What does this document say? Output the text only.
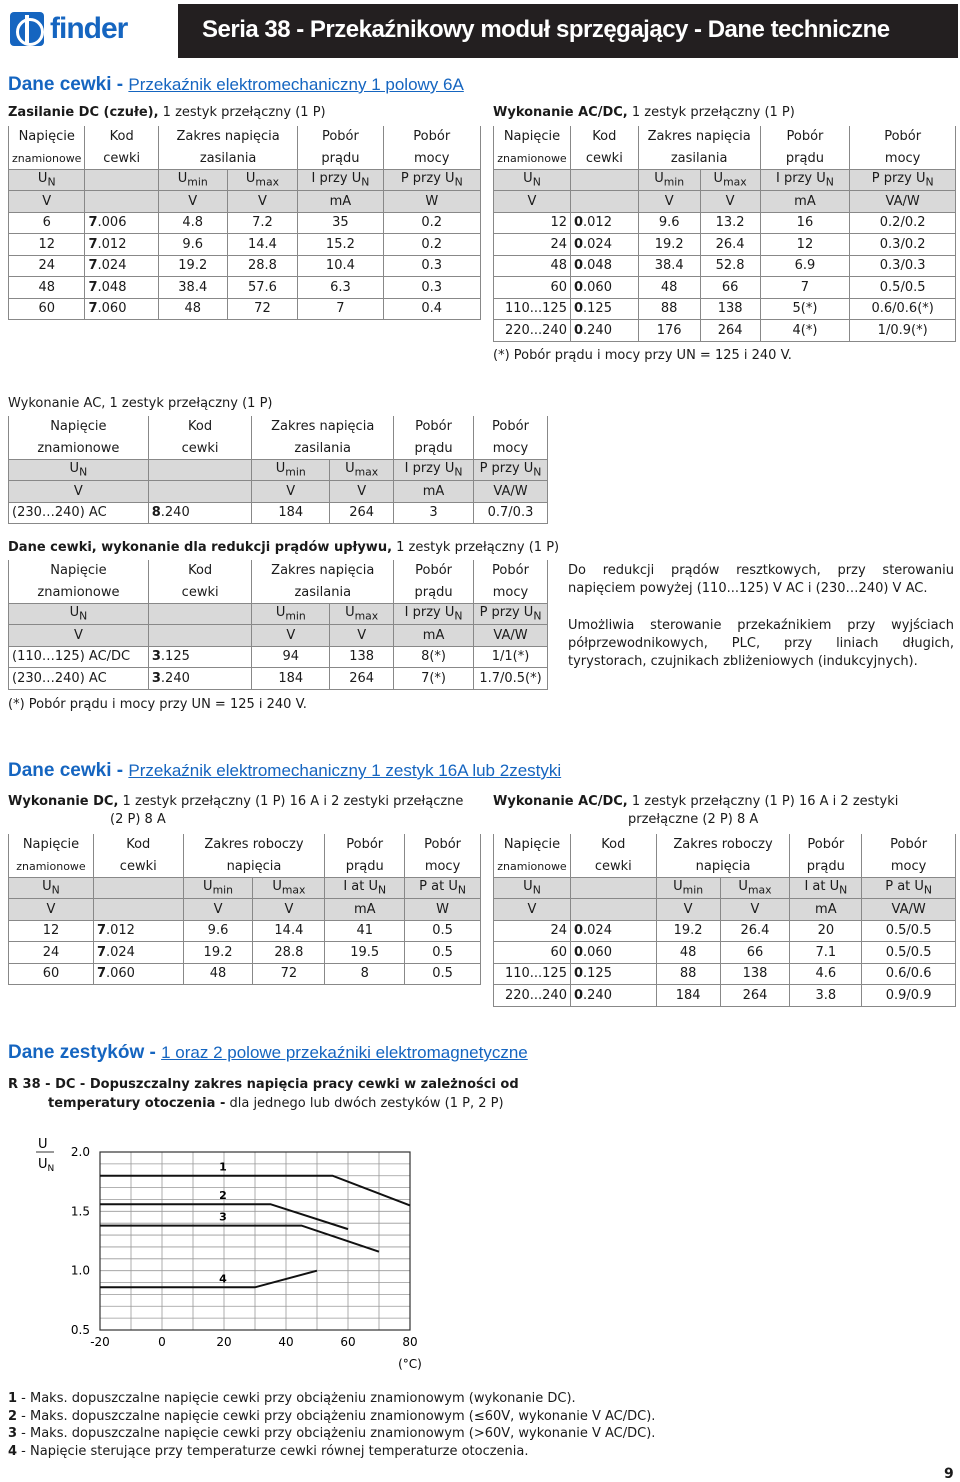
finder	Seria 38 - Przekaźnikowy moduł sprzęgający - Dane techniczne
Dane cewki - Przekaźnik elektromechaniczny 1 polowy 6A
Zasilanie DC (czułe), 1 zestyk przełączny (1 P)
Napięcie	Kod	Zakres napięcia		Pobór	Pobór
znamionowe	cewki	zasilania		prądu	mocy
$U_N$		$U_{min}$	$U_{max}$	I przy $U_N$	P przy $U_N$
V		V	V	mA	W
6	7.006	4.8	7.2	35	0.2
12	7.012	9.6	14.4	15.2	0.2
24	7.024	19.2	28.8	10.4	0.3
48	7.048	38.4	57.6	6.3	0.3
60	7.060	48	72	7	0.4
Wykonanie AC/DC, 1 zestyk przełączny (1 P)
Napięcie	Kod	Zakres napięcia		Pobór	Pobór
znamionowe	cewki	zasilania		prądu	mocy
$U_N$		$U_{min}$	$U_{max}$	I przy $U_N$	P przy $U_N$
V		V	V	mA	VA/W
12	0.012	9.6	13.2	16	0.2/0.2
24	0.024	19.2	26.4	12	0.3/0.2
48	0.048	38.4	52.8	6.9	0.3/0.3
60	0.060	48	66	7	0.5/0.5
110...125	0.125	88	138	5(*)	0.6/0.6(*)
220...240	0.240	176	264	4(*)	1/0.9(*)
(*) Pobór prądu i mocy przy UN = 125 i 240 V.
Wykonanie AC, 1 zestyk przełączny (1 P)
Napięcie	Kod	Zakres napięcia		Pobór	Pobór
znamionowe	cewki	zasilania		prądu	mocy
$U_N$		$U_{min}$	$U_{max}$	I przy $U_N$	P przy $U_N$
V		V	V	mA	VA/W
(230…240) AC	8.240	184	264	3	0.7/0.3
Dane cewki, wykonanie dla redukcji prądów upływu, 1 zestyk przełączny (1 P)
Napięcie	Kod	Zakres napięcia		Pobór	Pobór
znamionowe	cewki	zasilania		prądu	mocy
$U_N$		$U_{min}$	$U_{max}$	I przy $U_N$	P przy $U_N$
V		V	V	mA	VA/W
(110…125) AC/DC	3.125	94	138	8(*)	1/1(*)
(230…240) AC	3.240	184	264	7(*)	1.7/0.5(*)
(*) Pobór prądu i mocy przy UN = 125 i 240 V.
Do redukcji prądów resztkowych, przy sterowaniu napięciem powyżej (110...125) V AC i (230…240) V AC.
Umożliwia sterowanie przekaźnikiem przy wyjściach półprzewodnikowych, PLC, przy liniach długich, tyrystorach, czujnikach zbliżeniowych (indukcyjnych).
Dane cewki - Przekaźnik elektromechaniczny 1 zestyk 16A lub 2zestyki
Wykonanie DC, 1 zestyk przełączny (1 P) 16 A i 2 zestyki przełączne
(2 P) 8 A
Napięcie	Kod	Zakres roboczy		Pobór	Pobór
znamionowe	cewki	napięcia		prądu	mocy
$U_N$		$U_{min}$	$U_{max}$	I at $U_N$	P at $U_N$
V		V	V	mA	W
12	7.012	9.6	14.4	41	0.5
24	7.024	19.2	28.8	19.5	0.5
60	7.060	48	72	8	0.5
Wykonanie AC/DC, 1 zestyk przełączny (1 P) 16 A i 2 zestyki
przełączne (2 P) 8 A
Napięcie	Kod	Zakres roboczy		Pobór	Pobór
znamionowe	cewki	napięcia		prądu	mocy
$U_N$		$U_{min}$	$U_{max}$	I at $U_N$	P at $U_N$
V		V	V	mA	VA/W
24	0.024	19.2	26.4	20	0.5/0.5
60	0.060	48	66	7.1	0.5/0.5
110...125	0.125	88	138	4.6	0.6/0.6
220...240	0.240	184	264	3.8	0.9/0.9
Dane zestyków - 1 oraz 2 polowe przekaźniki elektromagnetyczne
R 38 - DC - Dopuszczalny zakres napięcia pracy cewki w zależności od
temperatury otoczenia - dla jednego lub dwóch zestyków (1 P, 2 P)
U
$U_N$
2.0
1.5
1.0
0.5
-20	0	20	40	60	80
(°C)
1
2
3
4
1 - Maks. dopuszczalne napięcie cewki przy obciążeniu znamionowym (wykonanie DC).
2 - Maks. dopuszczalne napięcie cewki przy obciążeniu znamionowym (≤60V, wykonanie V AC/DC).
3 - Maks. dopuszczalne napięcie cewki przy obciążeniu znamionowym (>60V, wykonanie V AC/DC).
4 - Napięcie sterujące przy temperaturze cewki równej temperaturze otoczenia.
9
